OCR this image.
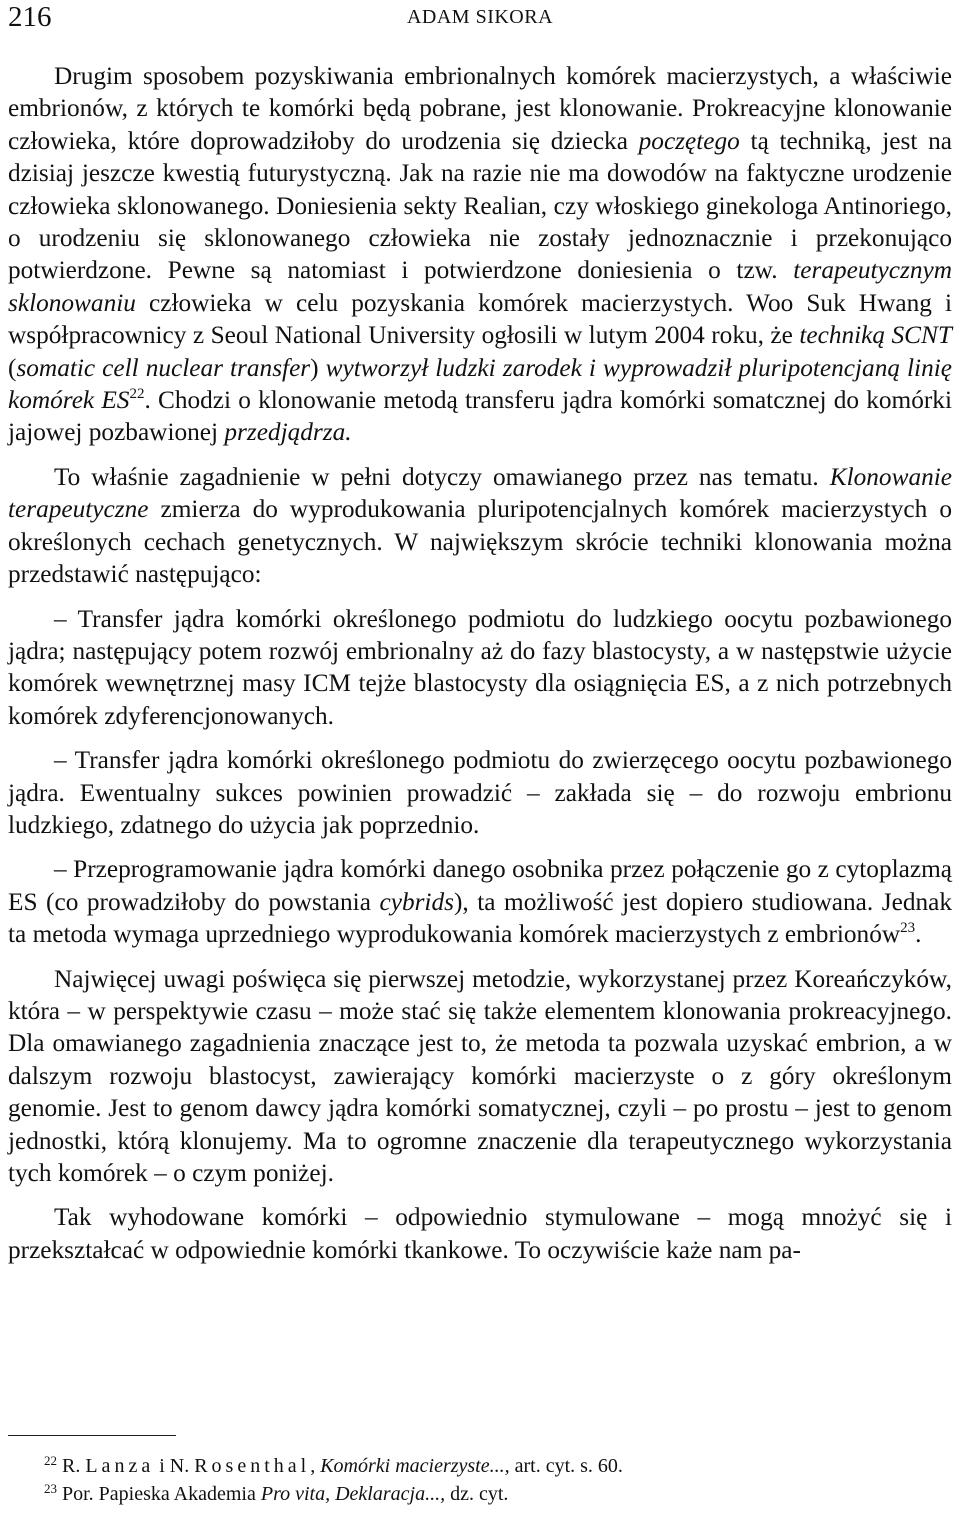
216	ADAM SIKORA

Drugim sposobem pozyskiwania embrionalnych komórek macierzystych, a właściwie embrionów, z których te komórki będą pobrane, jest klonowanie. Prokreacyjne klonowanie człowieka, które doprowadziłoby do urodzenia się dziecka poczętego tą techniką, jest na dzisiaj jeszcze kwestią futurystyczną. Jak na razie nie ma dowodów na faktyczne urodzenie człowieka sklonowanego. Doniesienia sekty Realian, czy włoskiego ginekologa Antinoriego, o urodzeniu się sklonowanego człowieka nie zostały jednoznacznie i przekonująco potwierdzone. Pewne są natomiast i potwierdzone doniesienia o tzw. terapeutycznym sklonowaniu człowieka w celu pozyskania komórek macierzystych. Woo Suk Hwang i współpracownicy z Seoul National University ogłosili w lutym 2004 roku, że techniką SCNT (somatic cell nuclear transfer) wytworzył ludzki zarodek i wyprowadził pluripotencjaną linię komórek ES$^{22}$. Chodzi o klonowanie metodą transferu jądra komórki somatcznej do komórki jajowej pozbawionej przedjądrza.

To właśnie zagadnienie w pełni dotyczy omawianego przez nas tematu. Klonowanie terapeutyczne zmierza do wyprodukowania pluripotencjalnych komórek macierzystych o określonych cechach genetycznych. W największym skrócie techniki klonowania można przedstawić następująco:

– Transfer jądra komórki określonego podmiotu do ludzkiego oocytu pozbawionego jądra; następujący potem rozwój embrionalny aż do fazy blastocysty, a w następstwie użycie komórek wewnętrznej masy ICM tejże blastocysty dla osiągnięcia ES, a z nich potrzebnych komórek zdyferencjonowanych.

– Transfer jądra komórki określonego podmiotu do zwierzęcego oocytu pozbawionego jądra. Ewentualny sukces powinien prowadzić – zakłada się – do rozwoju embrionu ludzkiego, zdatnego do użycia jak poprzednio.

– Przeprogramowanie jądra komórki danego osobnika przez połączenie go z cytoplazmą ES (co prowadziłoby do powstania cybrids), ta możliwość jest dopiero studiowana. Jednak ta metoda wymaga uprzedniego wyprodukowania komórek macierzystych z embrionów$^{23}$.

Najwięcej uwagi poświęca się pierwszej metodzie, wykorzystanej przez Koreańczyków, która – w perspektywie czasu – może stać się także elementem klonowania prokreacyjnego. Dla omawianego zagadnienia znaczące jest to, że metoda ta pozwala uzyskać embrion, a w dalszym rozwoju blastocyst, zawierający komórki macierzyste o z góry określonym genomie. Jest to genom dawcy jądra komórki somatycznej, czyli – po prostu – jest to genom jednostki, którą klonujemy. Ma to ogromne znaczenie dla terapeutycznego wykorzystania tych komórek – o czym poniżej.

Tak wyhodowane komórki – odpowiednio stymulowane – mogą mnożyć się i przekształcać w odpowiednie komórki tkankowe. To oczywiście każe nam pa-

$^{22}$ R. Lanza i N. Rosenthal, Komórki macierzyste..., art. cyt. s. 60.

$^{23}$ Por. Papieska Akademia Pro vita, Deklaracja..., dz. cyt.
